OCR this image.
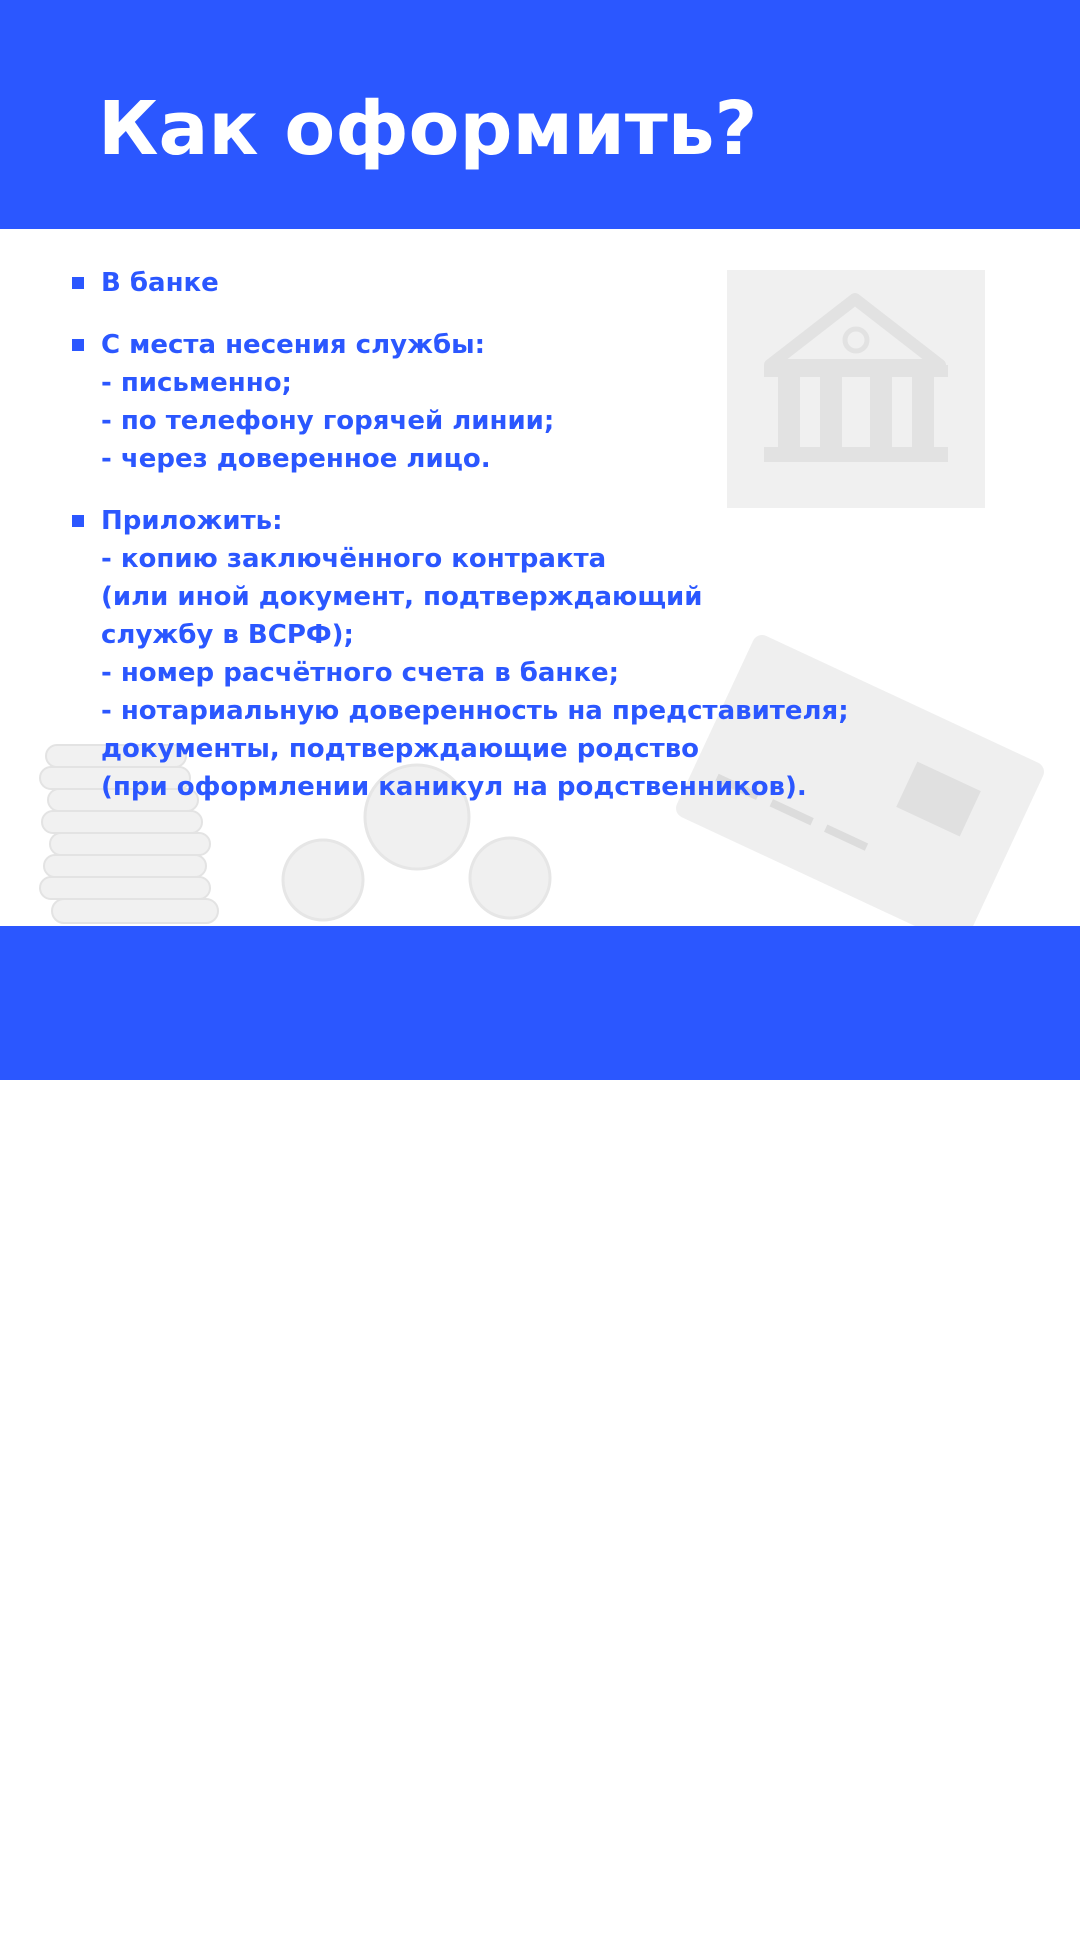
Как оформить?
В банке
С места несения службы:
- письменно;
- по телефону горячей линии;
- через доверенное лицо.
Приложить:
- копию заключённого контракта
(или иной документ, подтверждающий
службу в ВСРФ);
- номер расчётного счета в банке;
- нотариальную доверенность на представителя;
документы, подтверждающие родство
(при оформлении каникул на родственников).

*С момента решения о предоставлении кредитных каникул
банк перестаёт начислять проценты на сумму долга
